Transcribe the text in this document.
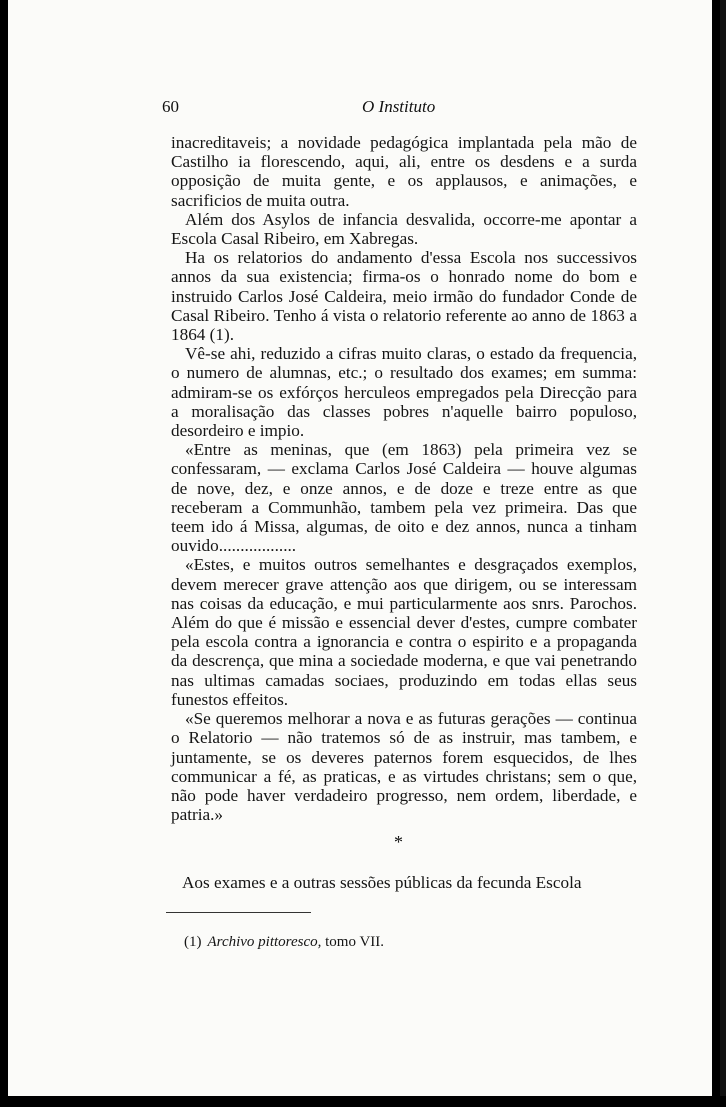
60	O Instituto

inacreditaveis; a novidade pedagógica implantada pela mão de Castilho ia florescendo, aqui, ali, entre os desdens e a surda opposição de muita gente, e os applausos, e animações, e sacrificios de muita outra.

Além dos Asylos de infancia desvalida, occorre-me apontar a Escola Casal Ribeiro, em Xabregas.

Ha os relatorios do andamento d'essa Escola nos successivos annos da sua existencia; firma-os o honrado nome do bom e instruido Carlos José Caldeira, meio irmão do fundador Conde de Casal Ribeiro. Tenho á vista o relatorio referente ao anno de 1863 a 1864 (1).

Vê-se ahi, reduzido a cifras muito claras, o estado da frequencia, o numero de alumnas, etc.; o resultado dos exames; em summa: admiram-se os exfórços herculeos empregados pela Direcção para a moralisação das classes pobres n'aquelle bairro populoso, desordeiro e impio.

«Entre as meninas, que (em 1863) pela primeira vez se confessaram, — exclama Carlos José Caldeira — houve algumas de nove, dez, e onze annos, e de doze e treze entre as que receberam a Communhão, tambem pela vez primeira. Das que teem ido á Missa, algumas, de oito e dez annos, nunca a tinham ouvido..................

«Estes, e muitos outros semelhantes e desgraçados exemplos, devem merecer grave attenção aos que dirigem, ou se interessam nas coisas da educação, e mui particularmente aos snrs. Parochos. Além do que é missão e essencial dever d'estes, cumpre combater pela escola contra a ignorancia e contra o espirito e a propaganda da descrença, que mina a sociedade moderna, e que vai penetrando nas ultimas camadas sociaes, produzindo em todas ellas seus funestos effeitos.

«Se queremos melhorar a nova e as futuras gerações — continua o Relatorio — não tratemos só de as instruir, mas tambem, e juntamente, se os deveres paternos forem esquecidos, de lhes communicar a fé, as praticas, e as virtudes christans; sem o que, não pode haver verdadeiro progresso, nem ordem, liberdade, e patria.»

*
Aos exames e a outras sessões públicas da fecunda Escola
(1) Archivo pittoresco, tomo VII.
